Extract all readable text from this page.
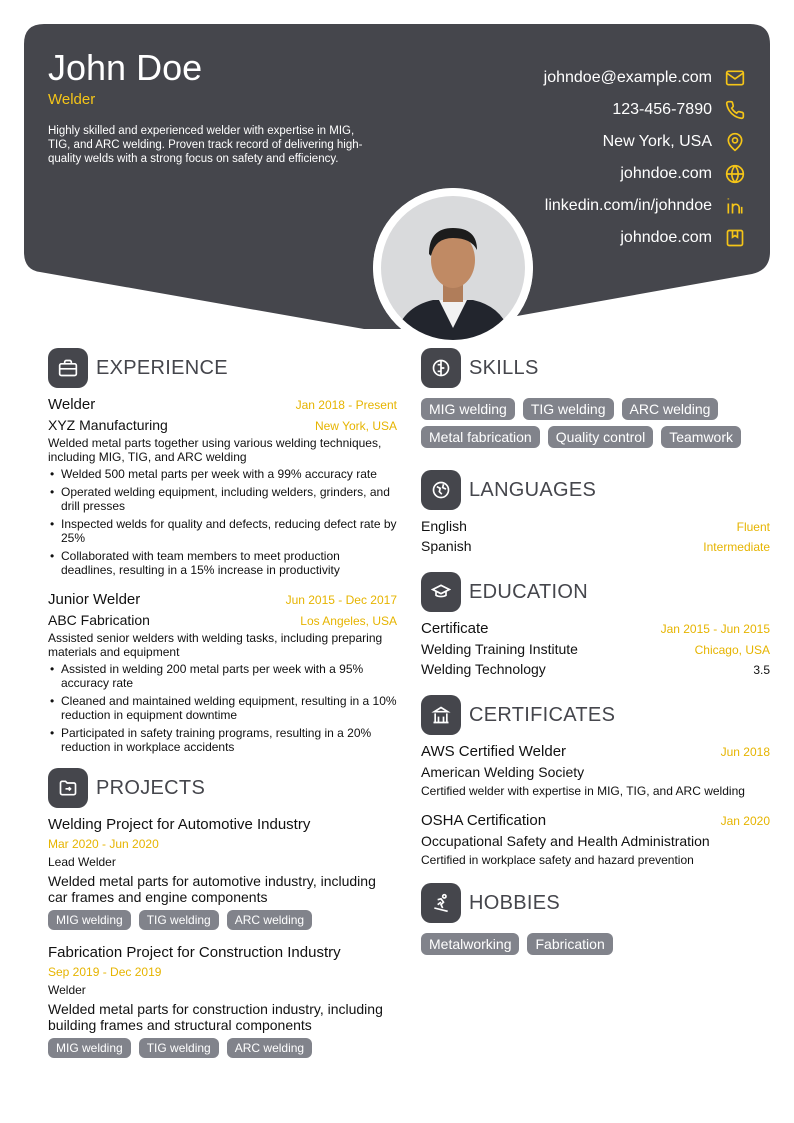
John Doe
Welder
Highly skilled and experienced welder with expertise in MIG, TIG, and ARC welding. Proven track record of delivering high-quality welds with a strong focus on safety and efficiency.
johndoe@example.com
123-456-7890
New York, USA
johndoe.com
linkedin.com/in/johndoe
johndoe.com
EXPERIENCE
Welder	Jan 2018 - Present
XYZ Manufacturing	New York, USA
Welded metal parts together using various welding techniques, including MIG, TIG, and ARC welding
• Welded 500 metal parts per week with a 99% accuracy rate
• Operated welding equipment, including welders, grinders, and drill presses
• Inspected welds for quality and defects, reducing defect rate by 25%
• Collaborated with team members to meet production deadlines, resulting in a 15% increase in productivity
Junior Welder	Jun 2015 - Dec 2017
ABC Fabrication	Los Angeles, USA
Assisted senior welders with welding tasks, including preparing materials and equipment
• Assisted in welding 200 metal parts per week with a 95% accuracy rate
• Cleaned and maintained welding equipment, resulting in a 10% reduction in equipment downtime
• Participated in safety training programs, resulting in a 20% reduction in workplace accidents
PROJECTS
Welding Project for Automotive Industry
Mar 2020 - Jun 2020
Lead Welder
Welded metal parts for automotive industry, including car frames and engine components
MIG welding	TIG welding	ARC welding
Fabrication Project for Construction Industry
Sep 2019 - Dec 2019
Welder
Welded metal parts for construction industry, including building frames and structural components
MIG welding	TIG welding	ARC welding
SKILLS
MIG welding	TIG welding	ARC welding
Metal fabrication	Quality control	Teamwork
LANGUAGES
English	Fluent
Spanish	Intermediate
EDUCATION
Certificate	Jan 2015 - Jun 2015
Welding Training Institute	Chicago, USA
Welding Technology	3.5
CERTIFICATES
AWS Certified Welder	Jun 2018
American Welding Society
Certified welder with expertise in MIG, TIG, and ARC welding
OSHA Certification	Jan 2020
Occupational Safety and Health Administration
Certified in workplace safety and hazard prevention
HOBBIES
Metalworking	Fabrication
